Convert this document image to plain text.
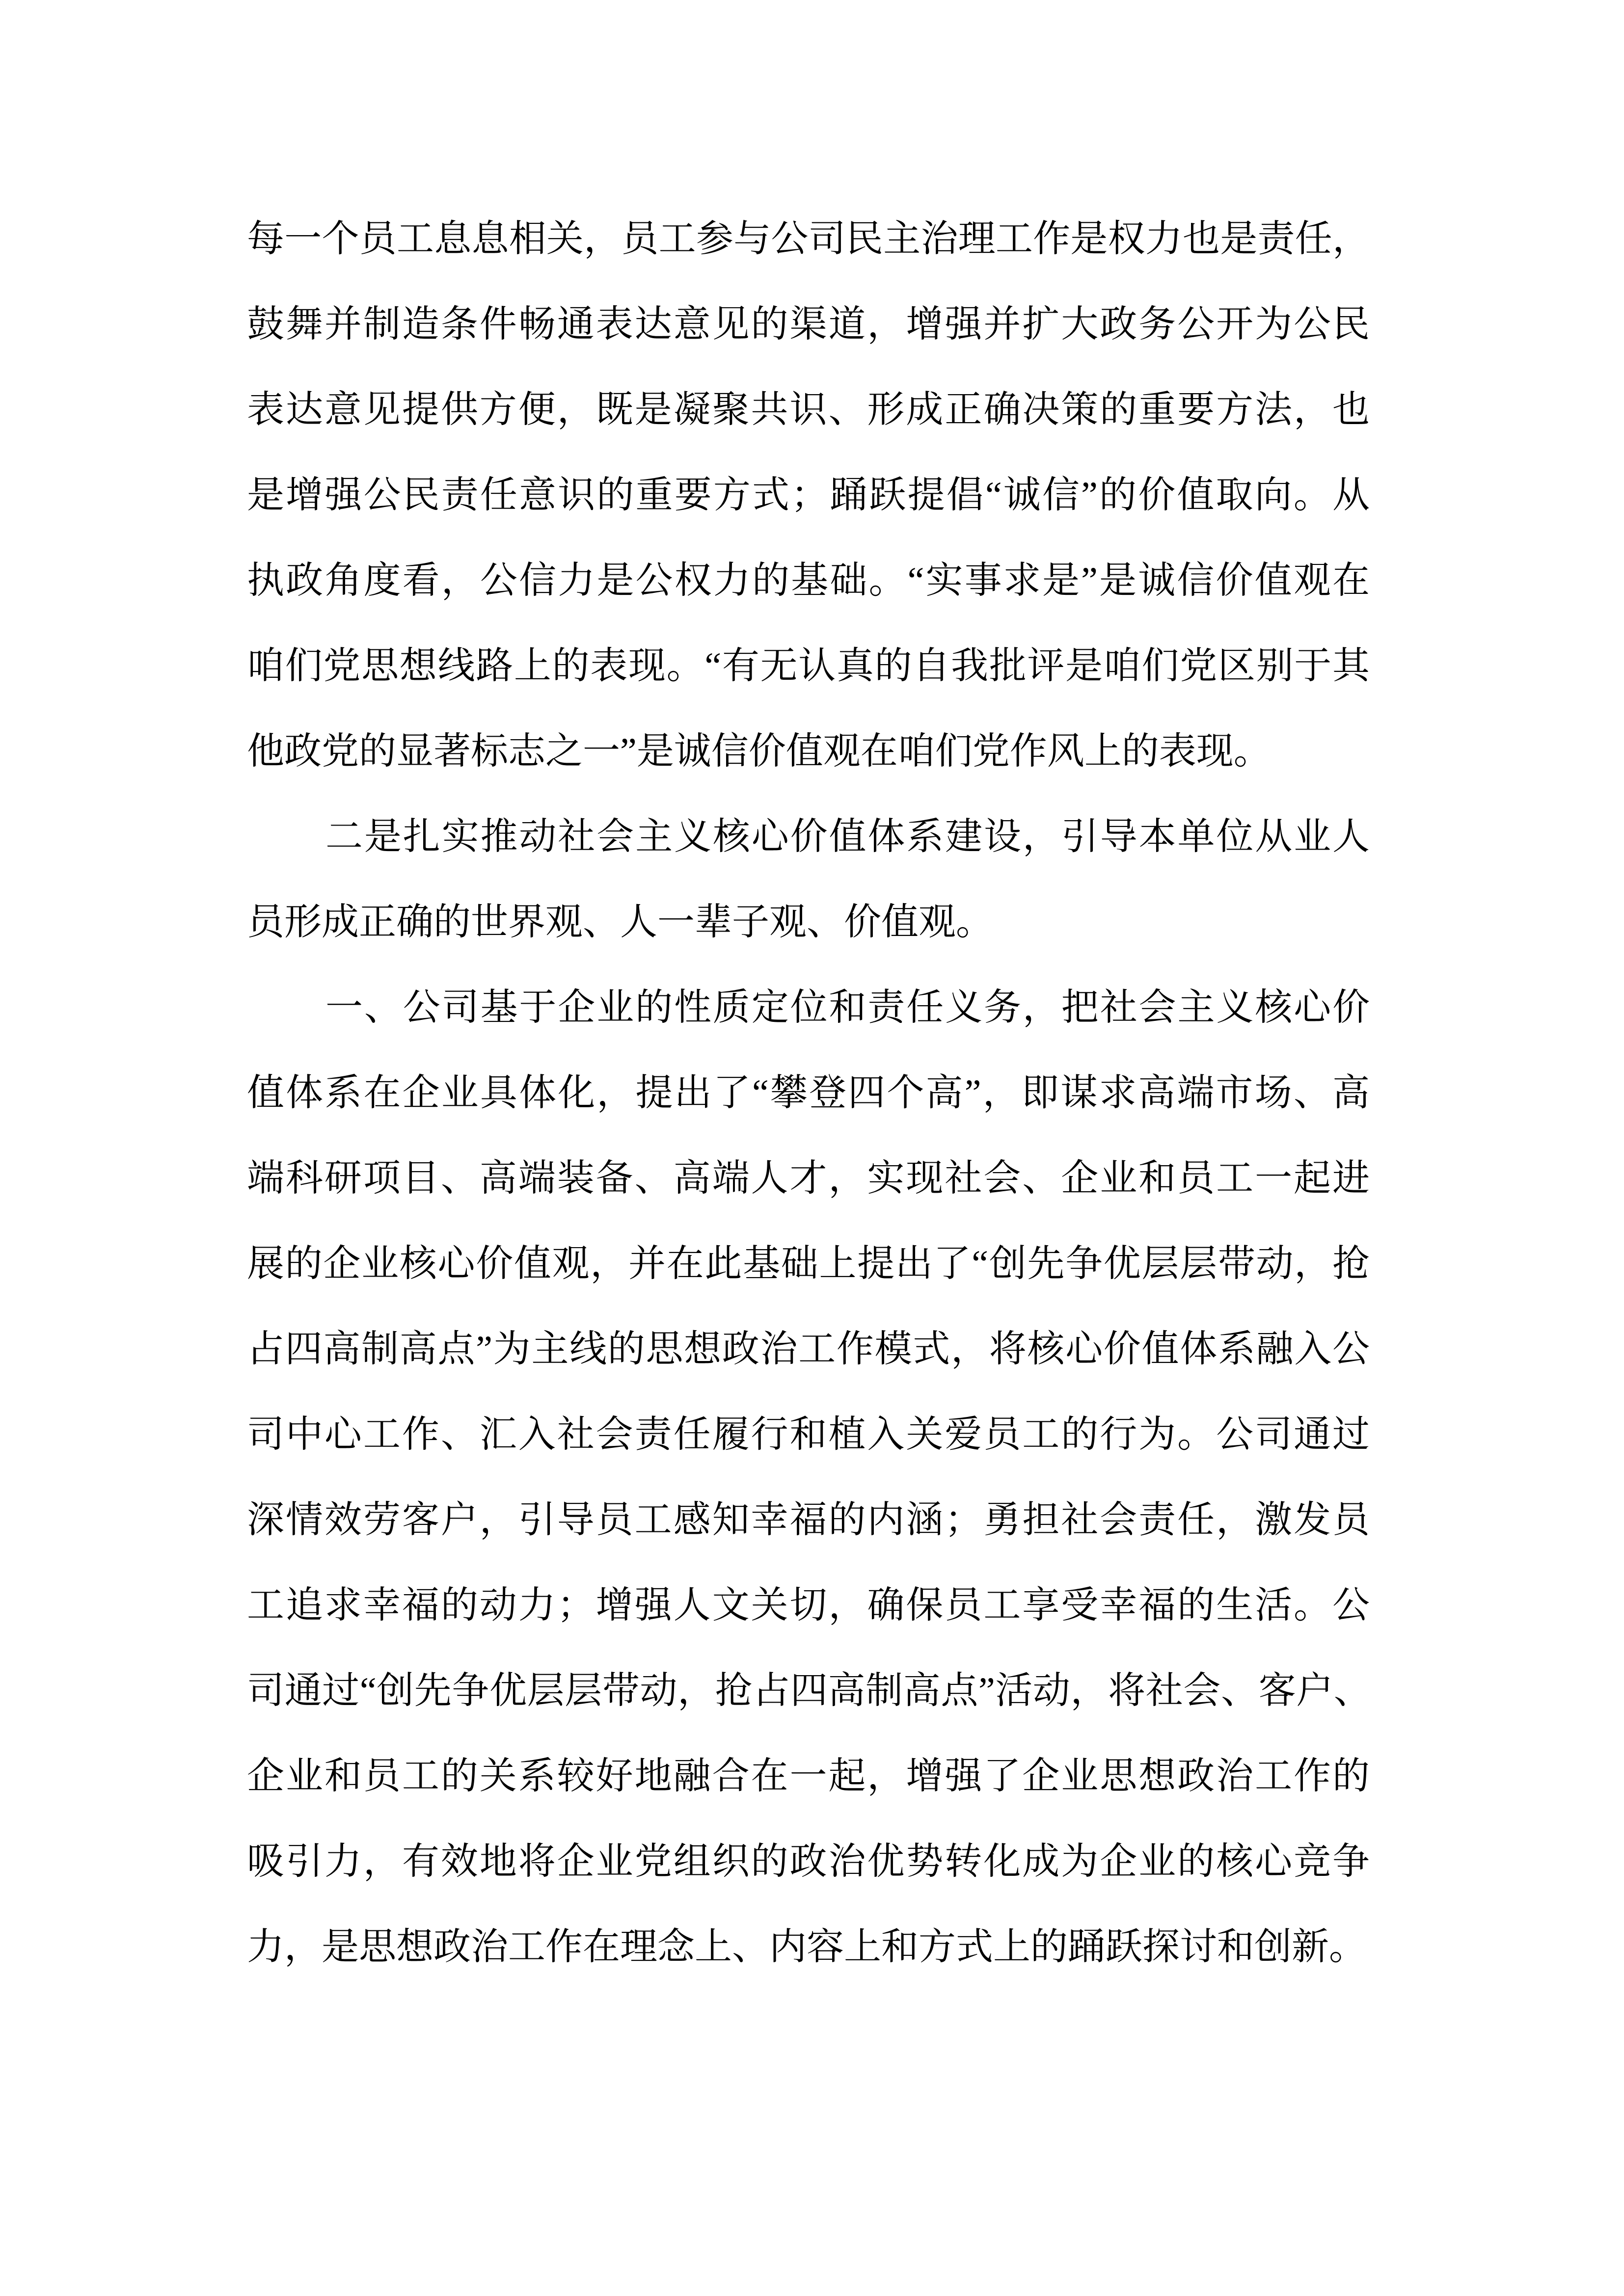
每一个员工息息相关，员工参与公司民主治理工作是权力也是责任，
鼓舞并制造条件畅通表达意见的渠道，增强并扩大政务公开为公民
表达意见提供方便，既是凝聚共识、形成正确决策的重要方法，也
是增强公民责任意识的重要方式；踊跃提倡“诚信”的价值取向。从
执政角度看，公信力是公权力的基础。“实事求是”是诚信价值观在
咱们党思想线路上的表现。“有无认真的自我批评是咱们党区别于其
他政党的显著标志之一”是诚信价值观在咱们党作风上的表现。
二是扎实推动社会主义核心价值体系建设，引导本单位从业人
员形成正确的世界观、人一辈子观、价值观。
一、公司基于企业的性质定位和责任义务，把社会主义核心价
值体系在企业具体化，提出了“攀登四个高”，即谋求高端市场、高
端科研项目、高端装备、高端人才，实现社会、企业和员工一起进
展的企业核心价值观，并在此基础上提出了“创先争优层层带动，抢
占四高制高点”为主线的思想政治工作模式，将核心价值体系融入公
司中心工作、汇入社会责任履行和植入关爱员工的行为。公司通过
深情效劳客户，引导员工感知幸福的内涵；勇担社会责任，激发员
工追求幸福的动力；增强人文关切，确保员工享受幸福的生活。公
司通过“创先争优层层带动，抢占四高制高点”活动，将社会、客户、
企业和员工的关系较好地融合在一起，增强了企业思想政治工作的
吸引力，有效地将企业党组织的政治优势转化成为企业的核心竞争
力，是思想政治工作在理念上、内容上和方式上的踊跃探讨和创新。
